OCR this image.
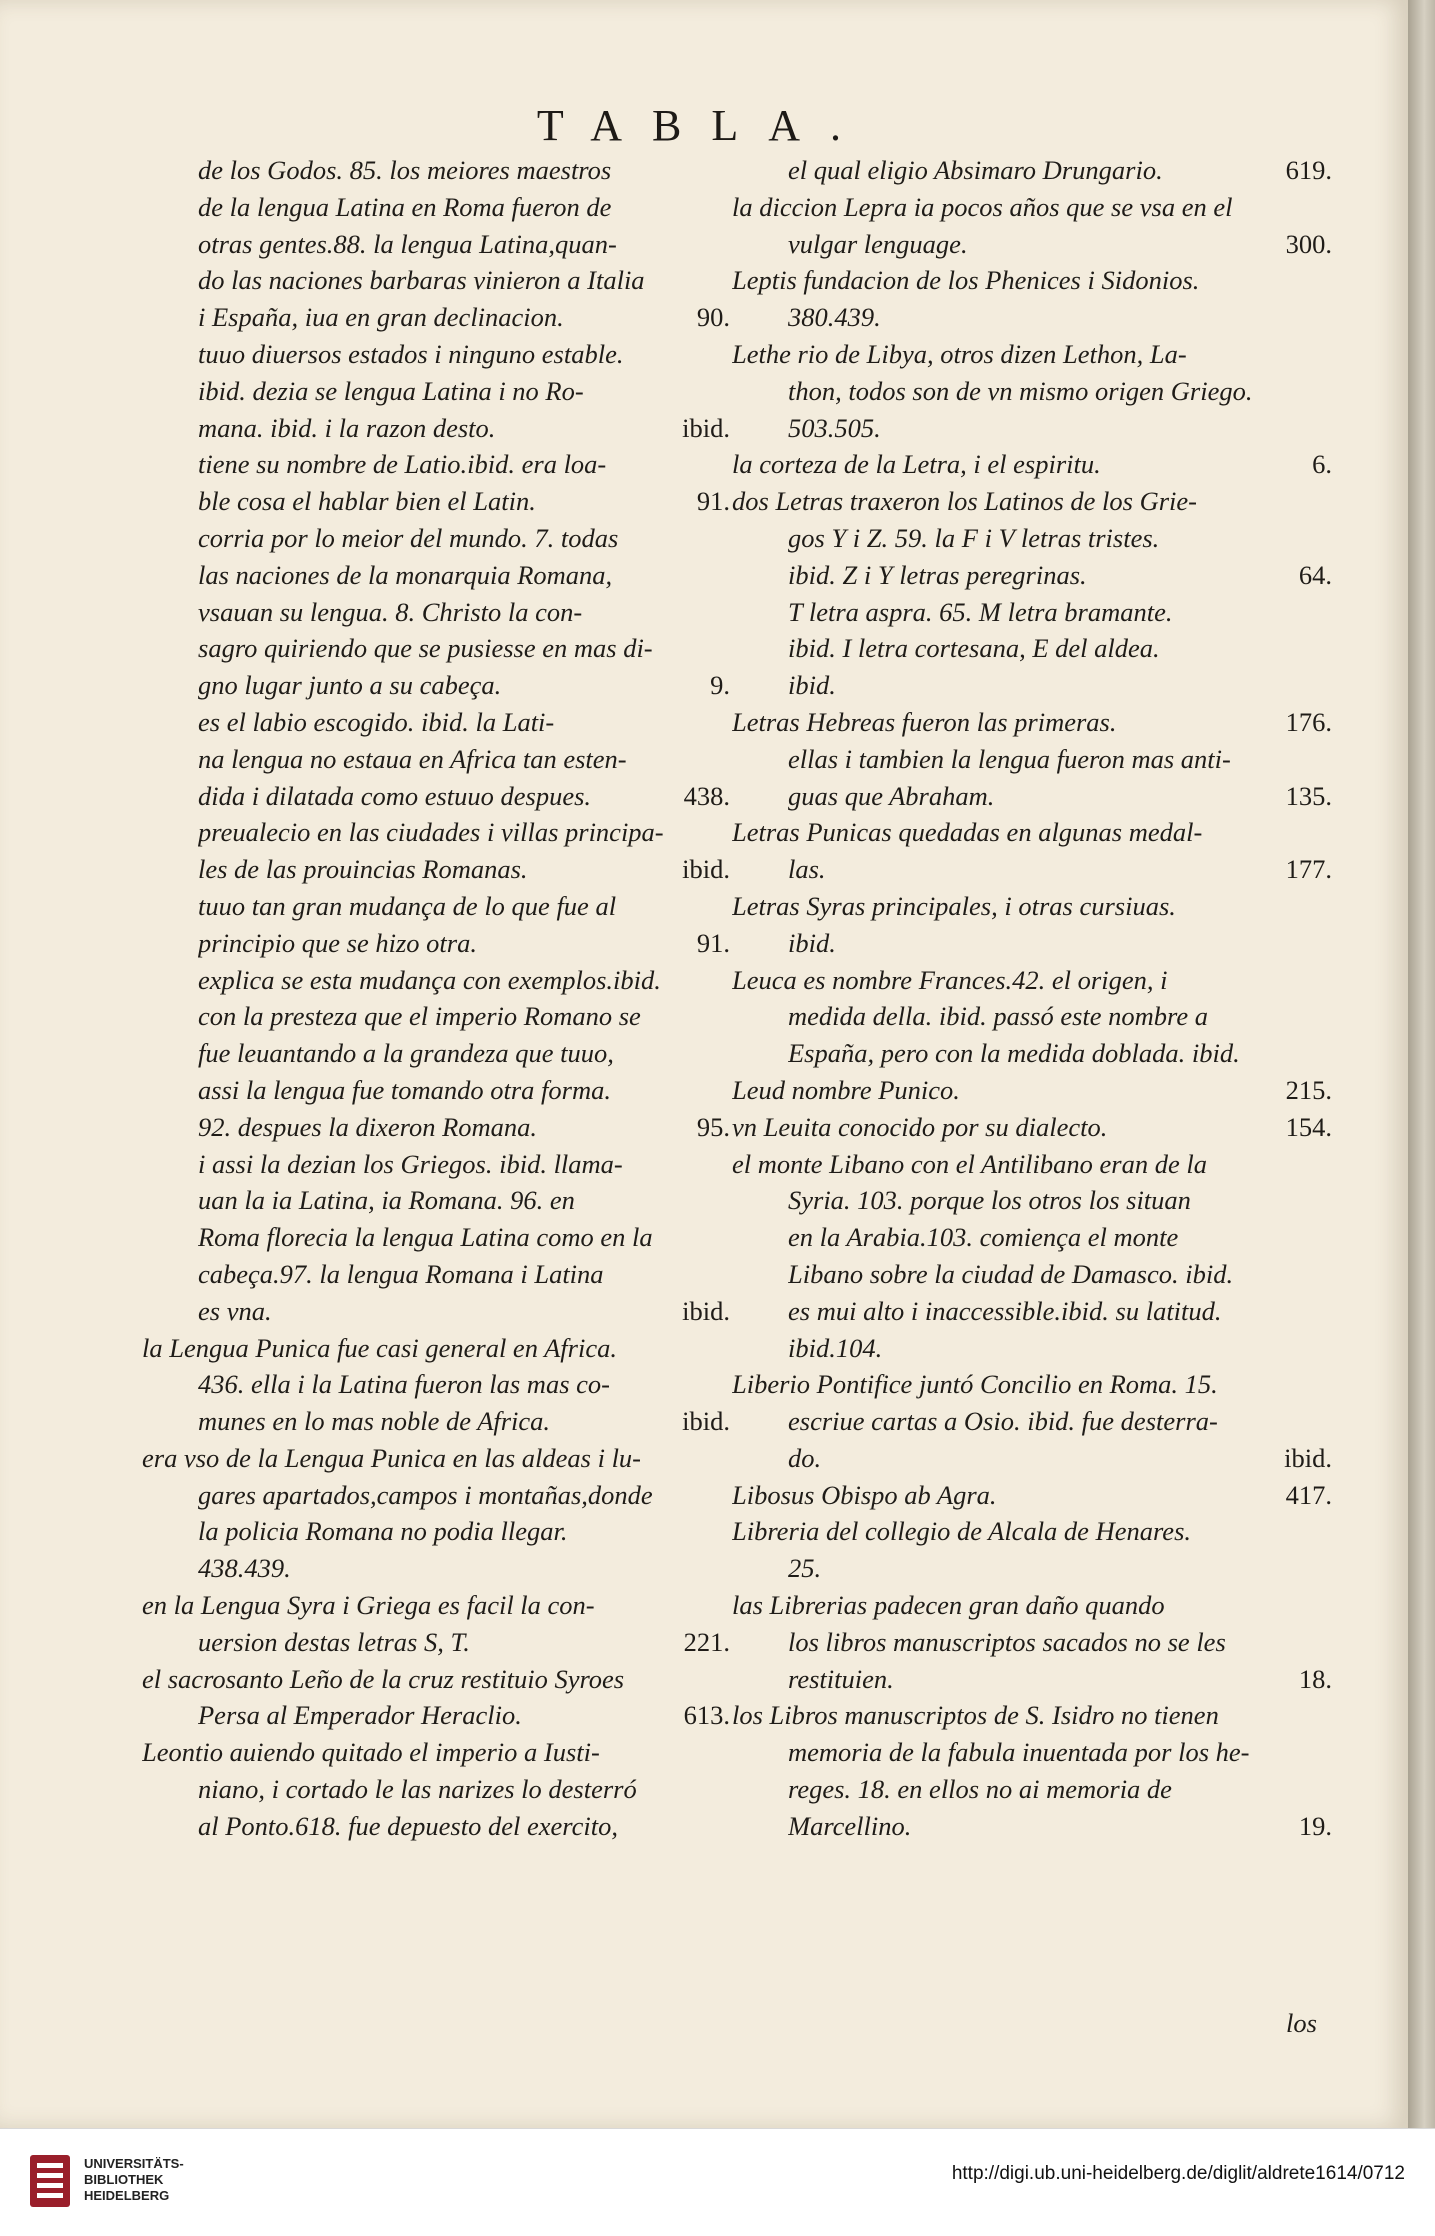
TABLA.
de los Godos. 85. los meiores maestros
de la lengua Latina en Roma fueron de
otras gentes.88. la lengua Latina,quan-
do las naciones barbaras vinieron a Italia
i España, iua en gran declinacion.	90.
tuuo diuersos estados i ninguno estable.
ibid. dezia se lengua Latina i no Ro-
mana. ibid. i la razon desto.	ibid.
tiene su nombre de Latio.ibid. era loa-
ble cosa el hablar bien el Latin.	91.
corria por lo meior del mundo. 7. todas
las naciones de la monarquia Romana,
vsauan su lengua. 8. Christo la con-
sagro quiriendo que se pusiesse en mas di-
gno lugar junto a su cabeça.	9.
es el labio escogido. ibid. la Lati-
na lengua no estaua en Africa tan esten-
dida i dilatada como estuuo despues.	438.
preualecio en las ciudades i villas principa-
les de las prouincias Romanas.	ibid.
tuuo tan gran mudança de lo que fue al
principio que se hizo otra.	91.
explica se esta mudança con exemplos.ibid.
con la presteza que el imperio Romano se
fue leuantando a la grandeza que tuuo,
assi la lengua fue tomando otra forma.
92. despues la dixeron Romana.	95.
i assi la dezian los Griegos. ibid. llama-
uan la ia Latina, ia Romana. 96. en
Roma florecia la lengua Latina como en la
cabeça.97. la lengua Romana i Latina
es vna.	ibid.
la Lengua Punica fue casi general en Africa.
436. ella i la Latina fueron las mas co-
munes en lo mas noble de Africa.	ibid.
era vso de la Lengua Punica en las aldeas i lu-
gares apartados,campos i montañas,donde
la policia Romana no podia llegar.
438.439.
en la Lengua Syra i Griega es facil la con-
uersion destas letras S, T.	221.
el sacrosanto Leño de la cruz restituio Syroes
Persa al Emperador Heraclio.	613.
Leontio auiendo quitado el imperio a Iusti-
niano, i cortado le las narizes lo desterró
al Ponto.618. fue depuesto del exercito,
el qual eligio Absimaro Drungario.	619.
la diccion Lepra ia pocos años que se vsa en el
vulgar lenguage.	300.
Leptis fundacion de los Phenices i Sidonios.
380.439.
Lethe rio de Libya, otros dizen Lethon, La-
thon, todos son de vn mismo origen Griego.
503.505.
la corteza de la Letra, i el espiritu.	6.
dos Letras traxeron los Latinos de los Grie-
gos Y i Z. 59. la F i V letras tristes.
ibid. Z i Y letras peregrinas.	64.
T letra aspra. 65. M letra bramante.
ibid. I letra cortesana, E del aldea.
ibid.
Letras Hebreas fueron las primeras.	176.
ellas i tambien la lengua fueron mas anti-
guas que Abraham.	135.
Letras Punicas quedadas en algunas medal-
las.	177.
Letras Syras principales, i otras cursiuas.
ibid.
Leuca es nombre Frances.42. el origen, i
medida della. ibid. passó este nombre a
España, pero con la medida doblada. ibid.
Leud nombre Punico.	215.
vn Leuita conocido por su dialecto.	154.
el monte Libano con el Antilibano eran de la
Syria. 103. porque los otros los situan
en la Arabia.103. comiença el monte
Libano sobre la ciudad de Damasco. ibid.
es mui alto i inaccessible.ibid. su latitud.
ibid.104.
Liberio Pontifice juntó Concilio en Roma. 15.
escriue cartas a Osio. ibid. fue desterra-
do.	ibid.
Libosus Obispo ab Agra.	417.
Libreria del collegio de Alcala de Henares.
25.
las Librerias padecen gran daño quando
los libros manuscriptos sacados no se les
restituien.	18.
los Libros manuscriptos de S. Isidro no tienen
memoria de la fabula inuentada por los he-
reges. 18. en ellos no ai memoria de
Marcellino.	19.
los
UNIVERSITÄTS-
BIBLIOTHEK
HEIDELBERG
http://digi.ub.uni-heidelberg.de/diglit/aldrete1614/0712
